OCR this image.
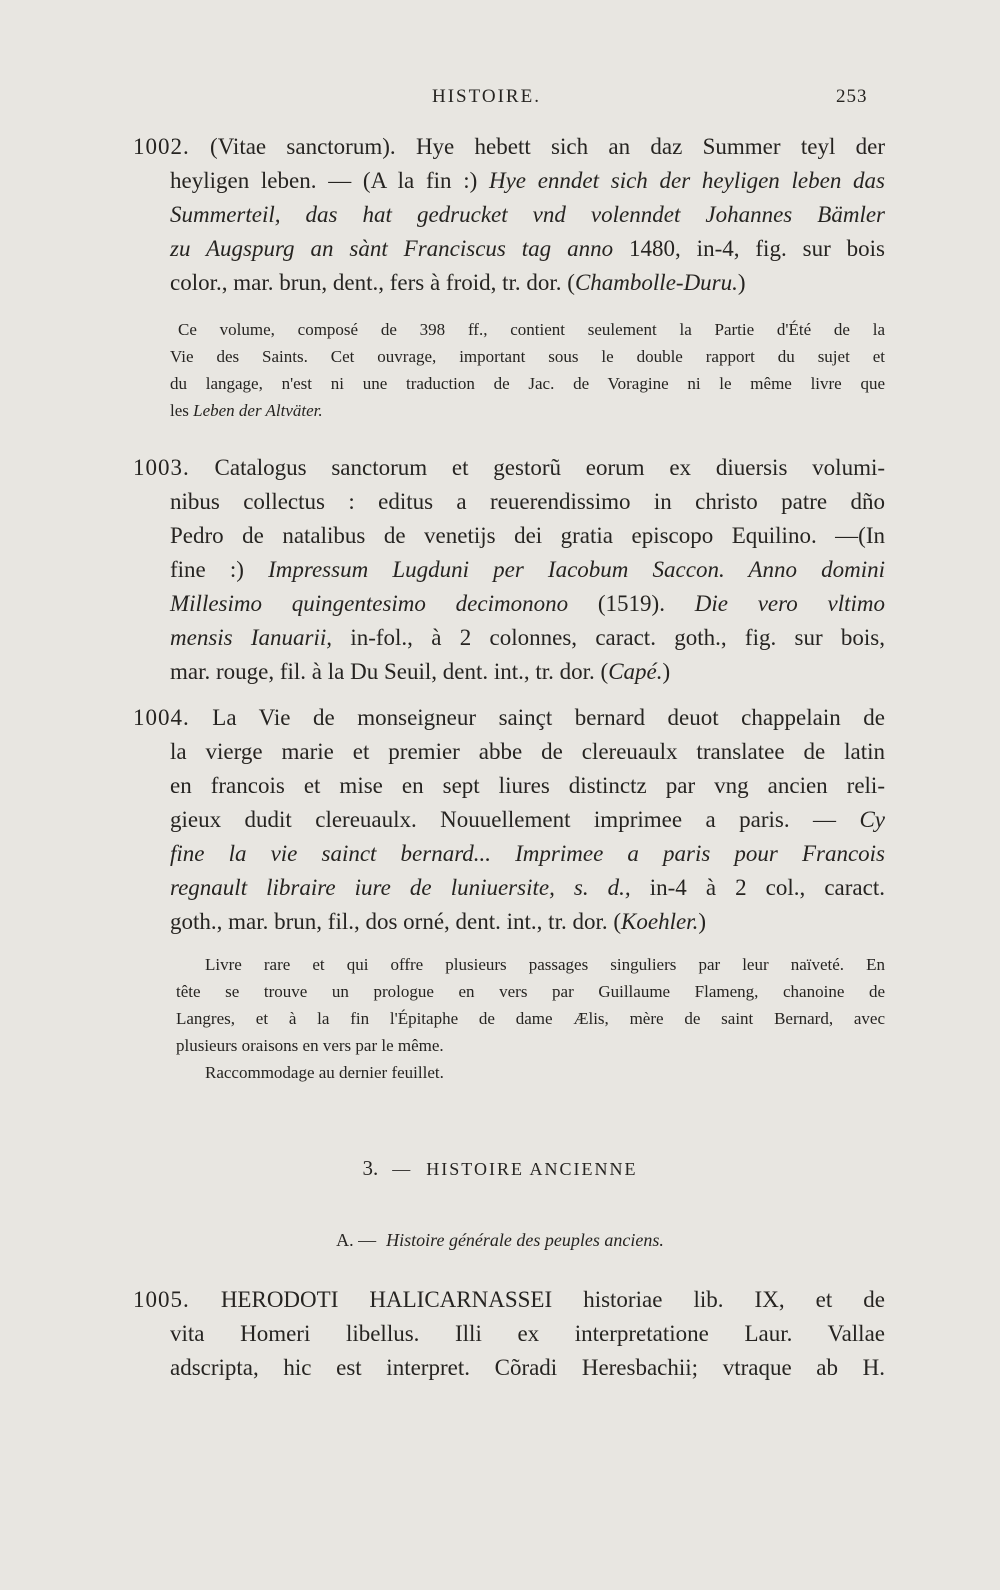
HISTOIRE.	253
1002. (Vitae sanctorum). Hye hebett sich an daz Summer teyl der
heyligen leben. — (A la fin :) Hye enndet sich der heyligen leben das
Summerteil, das hat gedrucket vnd volenndet Johannes Bämler
zu Augspurg an sànt Franciscus tag anno 1480, in-4, fig. sur bois
color., mar. brun, dent., fers à froid, tr. dor. (Chambolle-Duru.)
Ce volume, composé de 398 ff., contient seulement la Partie d'Été de la
Vie des Saints. Cet ouvrage, important sous le double rapport du sujet et
du langage, n'est ni une traduction de Jac. de Voragine ni le même livre que
les Leben der Altväter.
1003. Catalogus sanctorum et gestorũ eorum ex diuersis volumi-
nibus collectus : editus a reuerendissimo in christo patre dño
Pedro de natalibus de venetijs dei gratia episcopo Equilino. —(In
fine :) Impressum Lugduni per Iacobum Saccon. Anno domini
Millesimo quingentesimo decimonono (1519). Die vero vltimo
mensis Ianuarii, in-fol., à 2 colonnes, caract. goth., fig. sur bois,
mar. rouge, fil. à la Du Seuil, dent. int., tr. dor. (Capé.)
1004. La Vie de monseigneur sainçt bernard deuot chappelain de
la vierge marie et premier abbe de clereuaulx translatee de latin
en francois et mise en sept liures distinctz par vng ancien reli-
gieux dudit clereuaulx. Nouuellement imprimee a paris. — Cy
fine la vie sainct bernard... Imprimee a paris pour Francois
regnault libraire iure de luniuersite, s. d., in-4 à 2 col., caract.
goth., mar. brun, fil., dos orné, dent. int., tr. dor. (Koehler.)
Livre rare et qui offre plusieurs passages singuliers par leur naïveté. En
tête se trouve un prologue en vers par Guillaume Flameng, chanoine de
Langres, et à la fin l'Épitaphe de dame Ælis, mère de saint Bernard, avec
plusieurs oraisons en vers par le même.
Raccommodage au dernier feuillet.
3. — HISTOIRE ANCIENNE
A. — Histoire générale des peuples anciens.
1005. HERODOTI HALICARNASSEI historiae lib. IX, et de
vita Homeri libellus. Illi ex interpretatione Laur. Vallae
adscripta, hic est interpret. Cõradi Heresbachii; vtraque ab H.
